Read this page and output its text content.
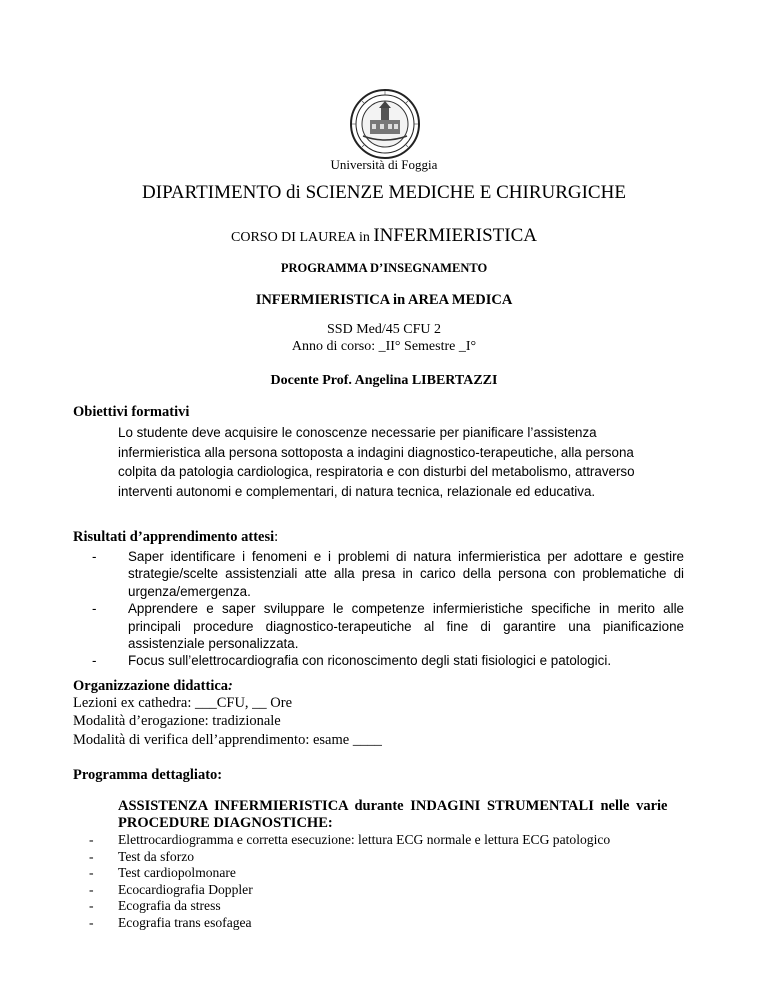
Università di Foggia
DIPARTIMENTO di SCIENZE MEDICHE E CHIRURGICHE
CORSO DI LAUREA in INFERMIERISTICA
PROGRAMMA D’INSEGNAMENTO
INFERMIERISTICA in AREA MEDICA
SSD Med/45 CFU 2
Anno di corso: _II° Semestre _I°
Docente Prof. Angelina LIBERTAZZI
Obiettivi formativi
Lo studente deve acquisire le conoscenze necessarie per pianificare l’assistenza infermieristica alla persona sottoposta a indagini diagnostico-terapeutiche, alla persona colpita da patologia cardiologica, respiratoria e con disturbi del metabolismo, attraverso interventi autonomi e complementari, di natura tecnica, relazionale ed educativa.
Risultati d’apprendimento attesi:
- Saper identificare i fenomeni e i problemi di natura infermieristica per adottare e gestire strategie/scelte assistenziali atte alla presa in carico della persona con problematiche di urgenza/emergenza.
- Apprendere e saper sviluppare le competenze infermieristiche specifiche in merito alle principali procedure diagnostico-terapeutiche al fine di garantire una pianificazione assistenziale personalizzata.
- Focus sull’elettrocardiografia con riconoscimento degli stati fisiologici e patologici.
Organizzazione didattica:
Lezioni ex cathedra: ___CFU, __ Ore
Modalità d’erogazione: tradizionale
Modalità di verifica dell’apprendimento: esame ____
Programma dettagliato:
ASSISTENZA INFERMIERISTICA durante INDAGINI STRUMENTALI nelle varie
PROCEDURE DIAGNOSTICHE:
- Elettrocardiogramma e corretta esecuzione: lettura ECG normale e lettura ECG patologico
- Test da sforzo
- Test cardiopolmonare
- Ecocardiografia Doppler
- Ecografia da stress
- Ecografia trans esofagea
